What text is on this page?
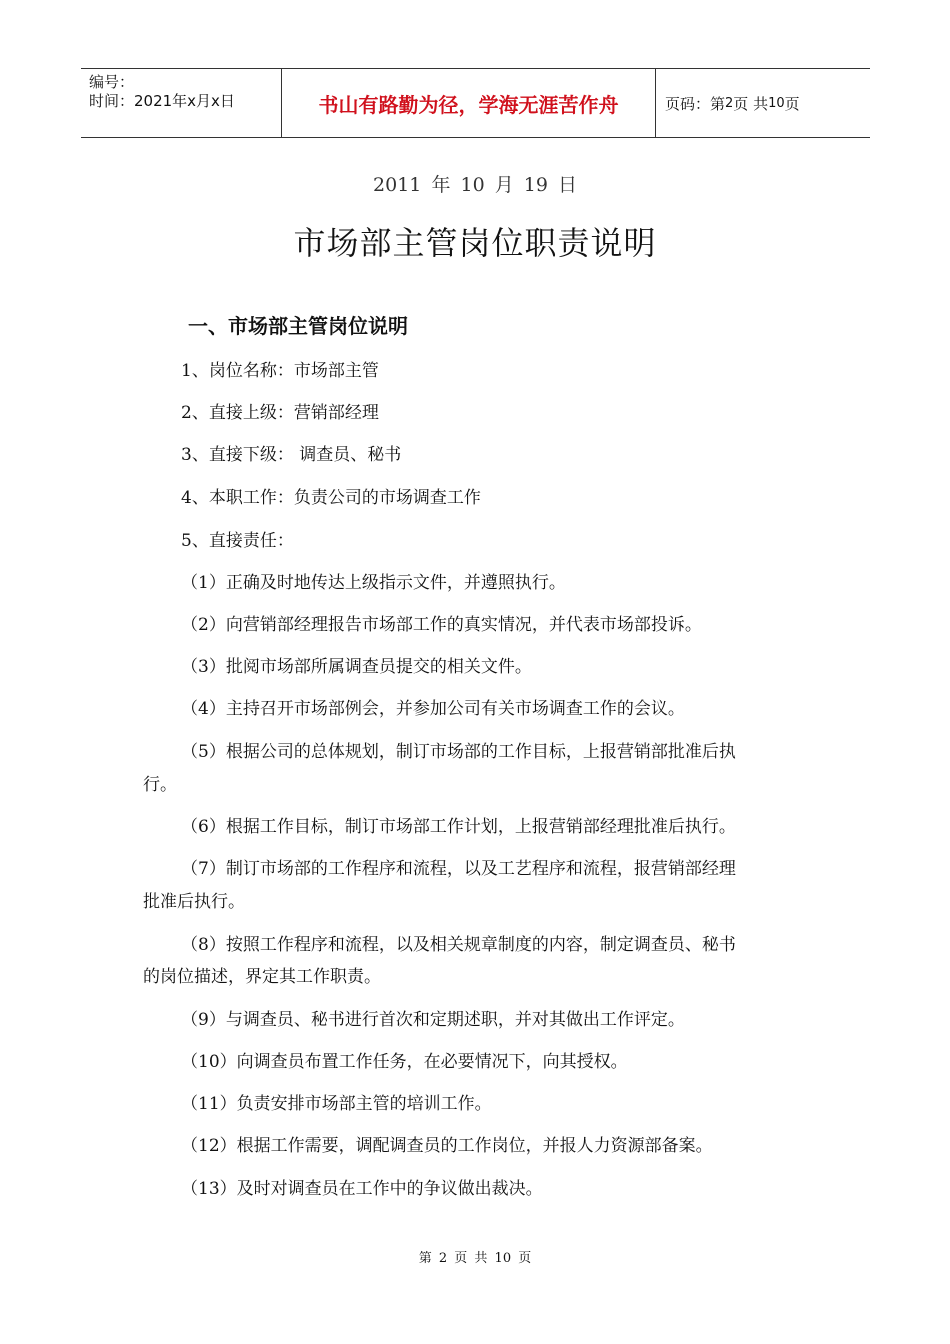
编号：
时间：2021年x月x日	书山有路勤为径，学海无涯苦作舟	页码：第 2 页 共 10 页
2011 年 10 月 19 日
市场部主管岗位职责说明
一、市场部主管岗位说明
1、岗位名称：市场部主管
2、直接上级：营销部经理
3、直接下级： 调查员、秘书
4、本职工作：负责公司的市场调查工作
5、直接责任：
（1）正确及时地传达上级指示文件，并遵照执行。
（2）向营销部经理报告市场部工作的真实情况，并代表市场部投诉。
（3）批阅市场部所属调查员提交的相关文件。
（4）主持召开市场部例会，并参加公司有关市场调查工作的会议。
（5）根据公司的总体规划，制订市场部的工作目标，上报营销部批准后执
行。
（6）根据工作目标，制订市场部工作计划，上报营销部经理批准后执行。
（7）制订市场部的工作程序和流程，以及工艺程序和流程，报营销部经理
批准后执行。
（8）按照工作程序和流程，以及相关规章制度的内容，制定调查员、秘书
的岗位描述，界定其工作职责。
（9）与调查员、秘书进行首次和定期述职，并对其做出工作评定。
（10）向调查员布置工作任务，在必要情况下，向其授权。
（11）负责安排市场部主管的培训工作。
（12）根据工作需要，调配调查员的工作岗位，并报人力资源部备案。
（13）及时对调查员在工作中的争议做出裁决。
第 2 页 共 10 页
